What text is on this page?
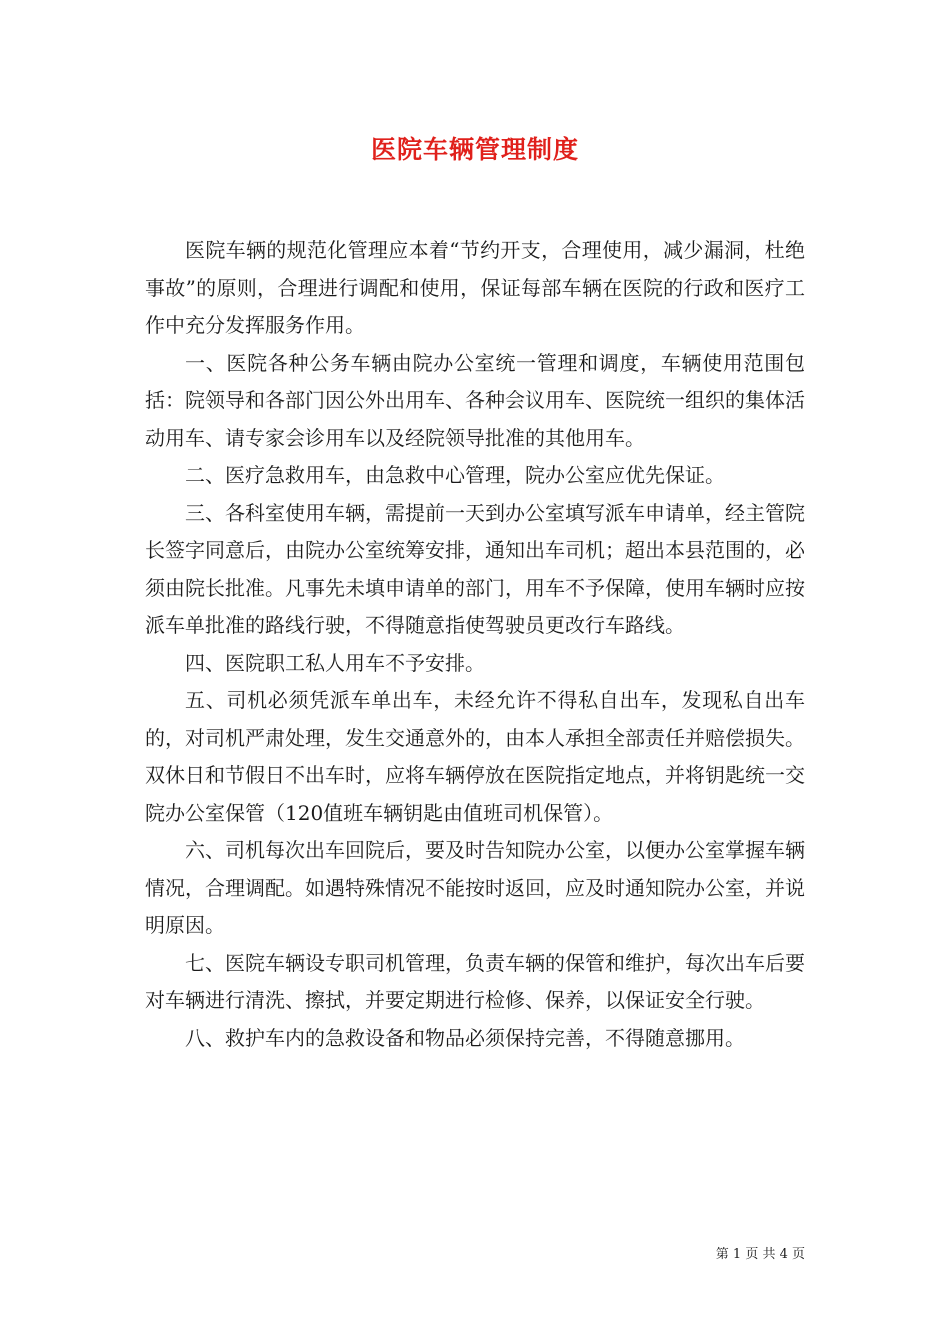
医院车辆管理制度

医院车辆的规范化管理应本着“节约开支，合理使用，减少漏洞，杜绝事故”的原则，合理进行调配和使用，保证每部车辆在医院的行政和医疗工作中充分发挥服务作用。

一、医院各种公务车辆由院办公室统一管理和调度，车辆使用范围包括：院领导和各部门因公外出用车、各种会议用车、医院统一组织的集体活动用车、请专家会诊用车以及经院领导批准的其他用车。

二、医疗急救用车，由急救中心管理，院办公室应优先保证。

三、各科室使用车辆，需提前一天到办公室填写派车申请单，经主管院长签字同意后，由院办公室统筹安排，通知出车司机；超出本县范围的，必须由院长批准。凡事先未填申请单的部门，用车不予保障，使用车辆时应按派车单批准的路线行驶，不得随意指使驾驶员更改行车路线。

四、医院职工私人用车不予安排。

五、司机必须凭派车单出车，未经允许不得私自出车，发现私自出车的，对司机严肃处理，发生交通意外的，由本人承担全部责任并赔偿损失。双休日和节假日不出车时，应将车辆停放在医院指定地点，并将钥匙统一交院办公室保管（120值班车辆钥匙由值班司机保管）。

六、司机每次出车回院后，要及时告知院办公室，以便办公室掌握车辆情况，合理调配。如遇特殊情况不能按时返回，应及时通知院办公室，并说明原因。

七、医院车辆设专职司机管理，负责车辆的保管和维护，每次出车后要对车辆进行清洗、擦拭，并要定期进行检修、保养，以保证安全行驶。

八、救护车内的急救设备和物品必须保持完善，不得随意挪用。

第 1 页 共 4 页
